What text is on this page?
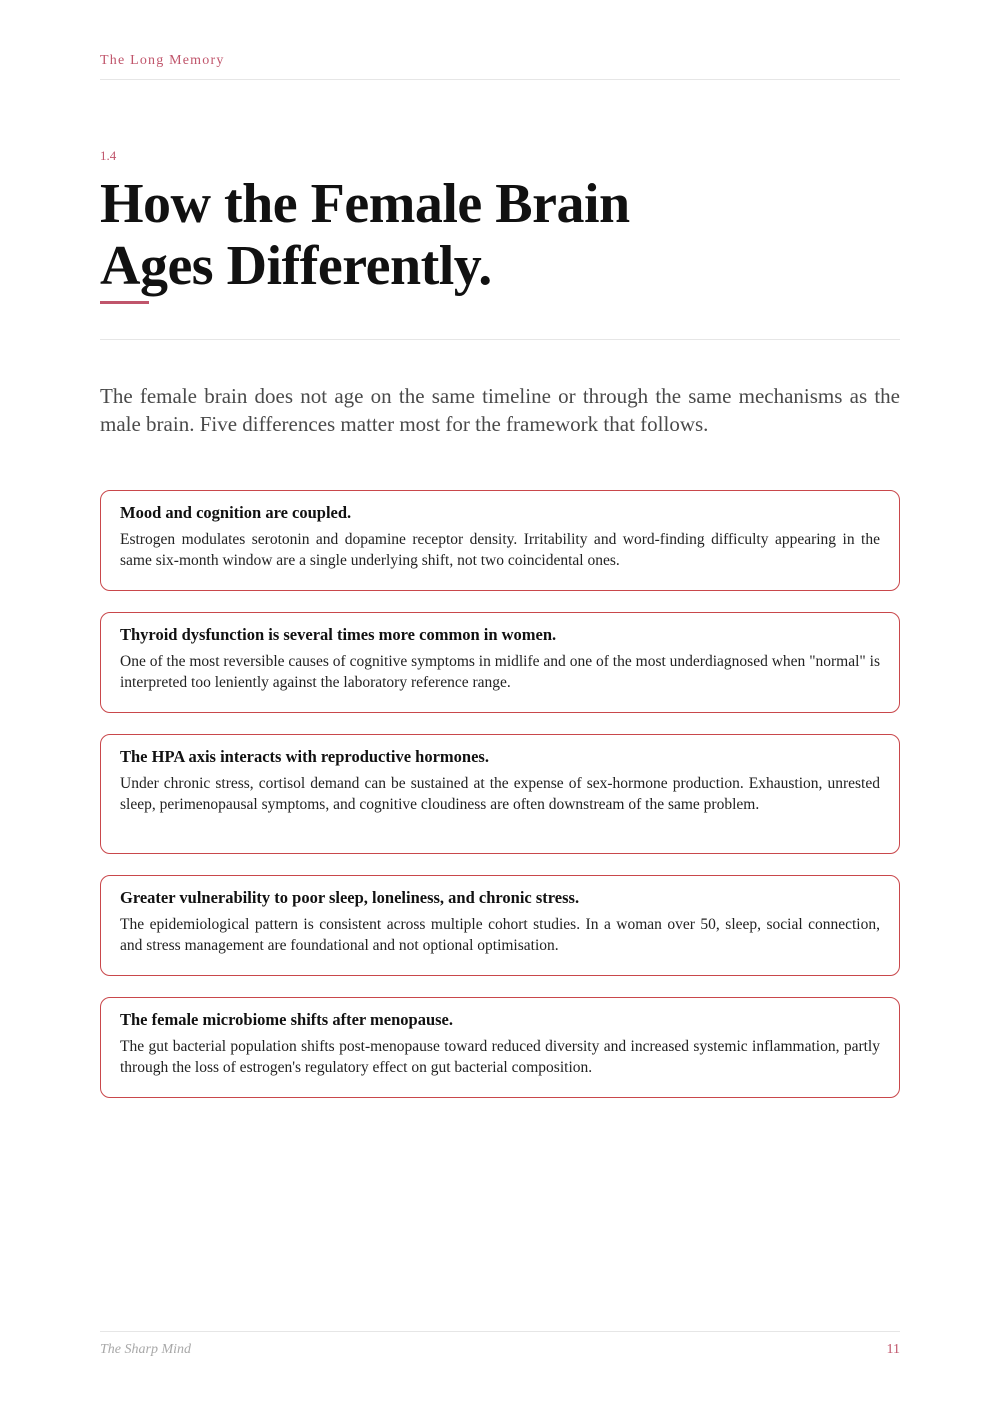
The Long Memory
1.4
How the Female Brain
Ages Differently.

The female brain does not age on the same timeline or through the same mechanisms as the male brain. Five differences matter most for the framework that follows.

Mood and cognition are coupled.

Estrogen modulates serotonin and dopamine receptor density. Irritability and word-finding difficulty appearing in the same six-month window are a single underlying shift, not two coincidental ones.

Thyroid dysfunction is several times more common in women.

One of the most reversible causes of cognitive symptoms in midlife and one of the most underdiagnosed when "normal" is interpreted too leniently against the laboratory reference range.

The HPA axis interacts with reproductive hormones.

Under chronic stress, cortisol demand can be sustained at the expense of sex-hormone production. Exhaustion, unrested sleep, perimenopausal symptoms, and cognitive cloudiness are often downstream of the same problem.

Greater vulnerability to poor sleep, loneliness, and chronic stress.

The epidemiological pattern is consistent across multiple cohort studies. In a woman over 50, sleep, social connection, and stress management are foundational and not optional optimisation.

The female microbiome shifts after menopause.

The gut bacterial population shifts post-menopause toward reduced diversity and increased systemic inflammation, partly through the loss of estrogen's regulatory effect on gut bacterial composition.

The Sharp Mind	11
